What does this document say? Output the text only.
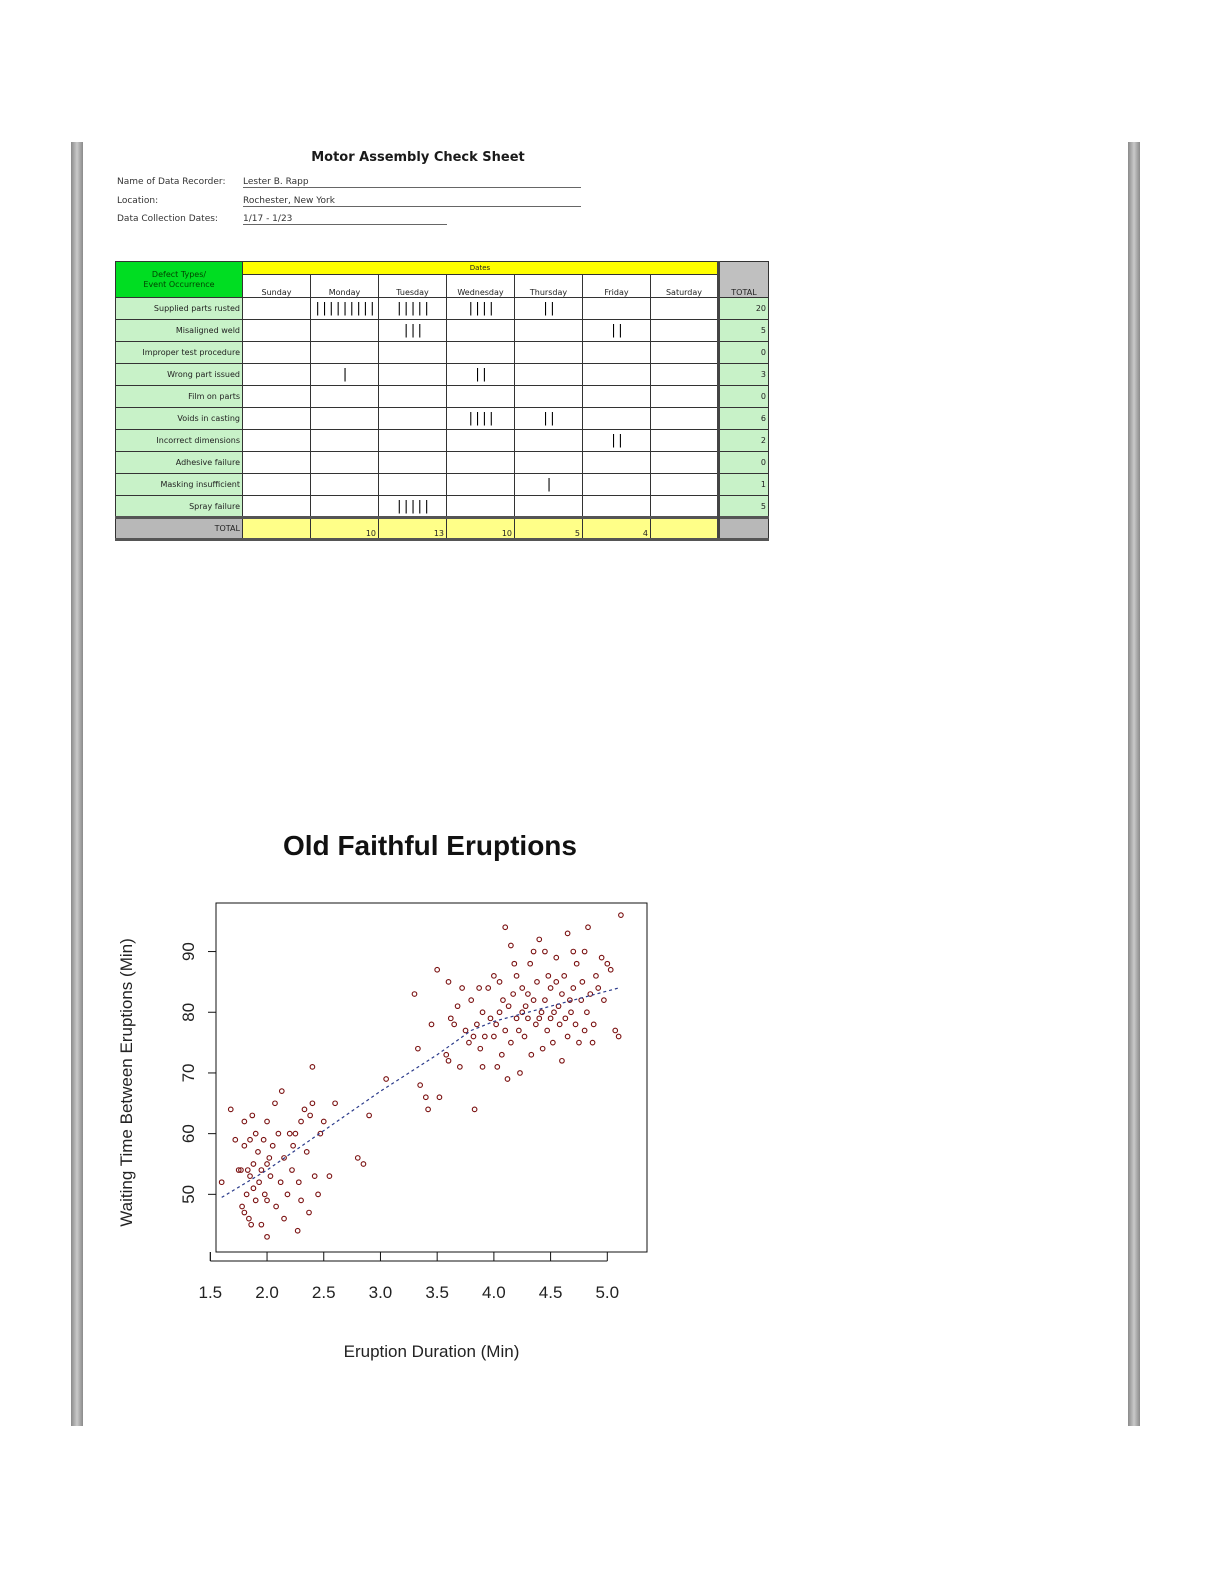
Motor Assembly Check Sheet
Name of Data Recorder: Lester B. Rapp
Location:	Rochester, New York
Data Collection Dates:	1/17 - 1/23
Defect Types/
Event Occurrence	Dates							TOTAL
	Sunday	Monday	Tuesday	Wednesday	Thursday	Friday	Saturday	
Supplied parts rusted		|||||||||	|||||	||||	||			20
Misaligned weld			|||			||		5
Improper test procedure								0
Wrong part issued		|		||				3
Film on parts								0
Voids in casting				||||	||			6
Incorrect dimensions						||		2
Adhesive failure								0
Masking insufficient					|			1
Spray failure			|||||					5
TOTAL		10	13	10	5	4		
Old Faithful Eruptions
1.5 2.0 2.5 3.0 3.5 4.0 4.5 5.0
50
60
70
80
90
Eruption Duration (Min)
Waiting Time Between Eruptions (Min)
